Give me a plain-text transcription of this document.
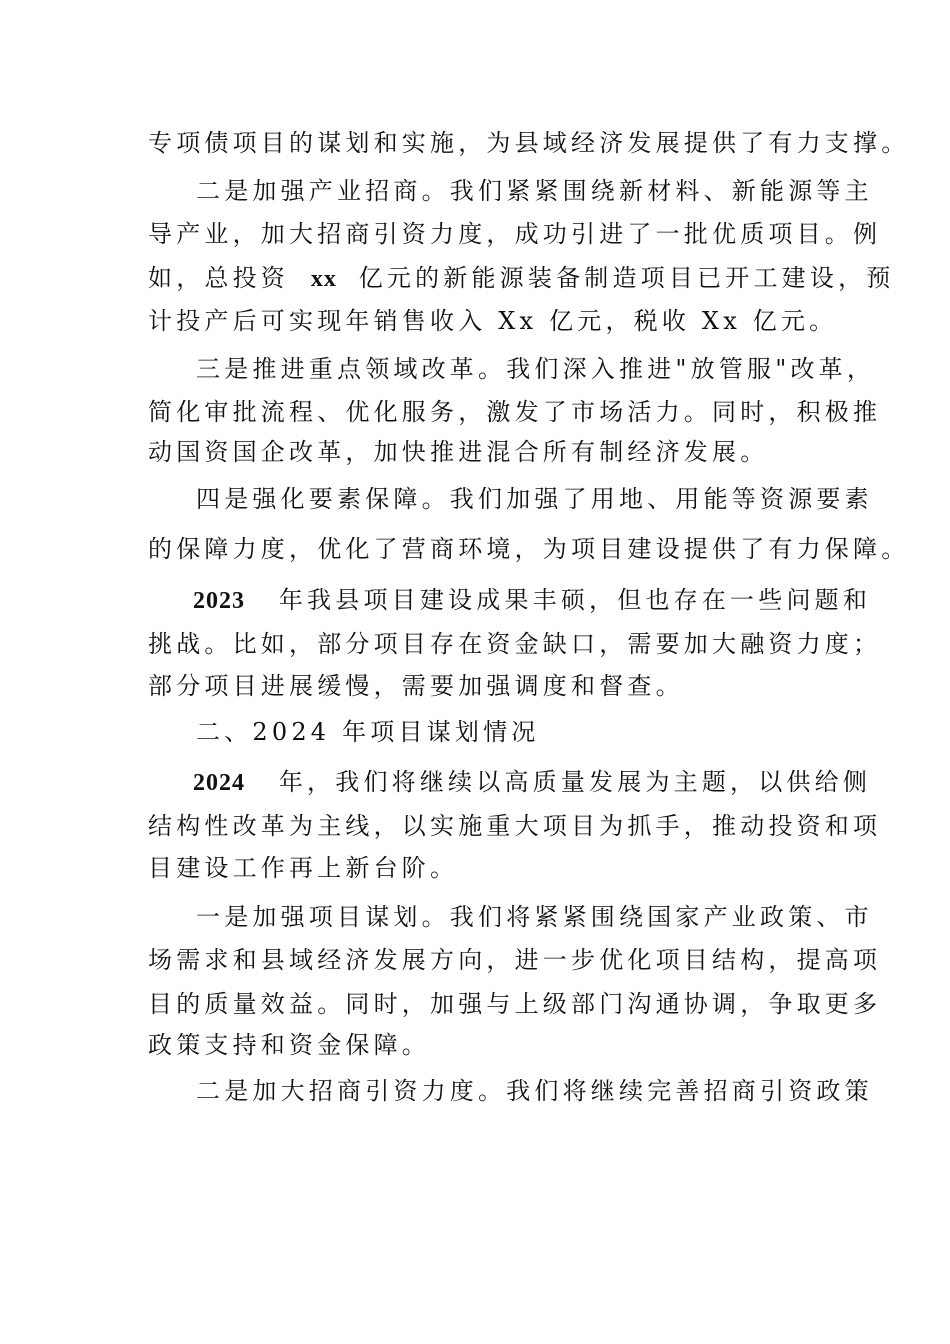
专项债项目的谋划和实施，为县域经济发展提供了有力支撑。
二是加强产业招商。我们紧紧围绕新材料、新能源等主
导产业，加大招商引资力度，成功引进了一批优质项目。例
如，总投资 xx 亿元的新能源装备制造项目已开工建设，预
计投产后可实现年销售收入 Xx 亿元，税收 Xx 亿元。
三是推进重点领域改革。我们深入推进"放管服"改革，
简化审批流程、优化服务，激发了市场活力。同时，积极推
动国资国企改革，加快推进混合所有制经济发展。
四是强化要素保障。我们加强了用地、用能等资源要素
的保障力度，优化了营商环境，为项目建设提供了有力保障。
2023 年我县项目建设成果丰硕，但也存在一些问题和
挑战。比如，部分项目存在资金缺口，需要加大融资力度；
部分项目进展缓慢，需要加强调度和督查。
二、2024 年项目谋划情况
2024 年，我们将继续以高质量发展为主题，以供给侧
结构性改革为主线，以实施重大项目为抓手，推动投资和项
目建设工作再上新台阶。
一是加强项目谋划。我们将紧紧围绕国家产业政策、市
场需求和县域经济发展方向，进一步优化项目结构，提高项
目的质量效益。同时，加强与上级部门沟通协调，争取更多
政策支持和资金保障。
二是加大招商引资力度。我们将继续完善招商引资政策
